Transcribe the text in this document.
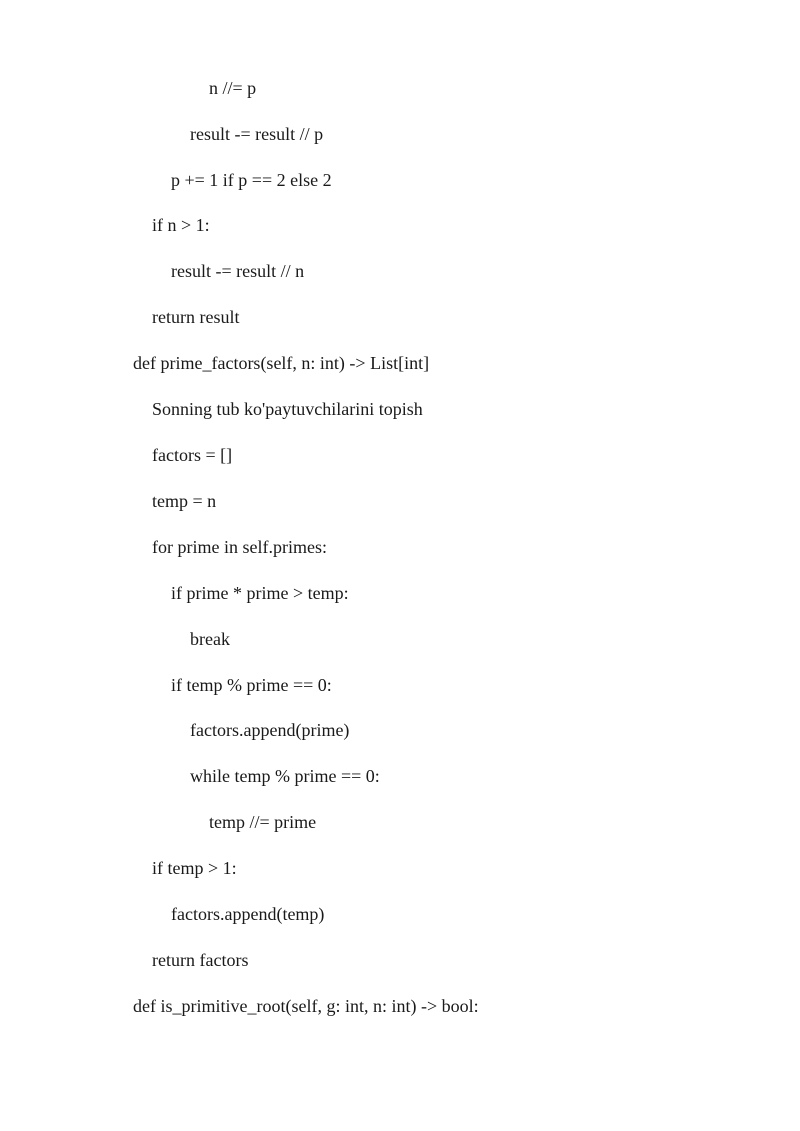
n //= p
result -= result // p
p += 1 if p == 2 else 2
if n > 1:
result -= result // n
return result
def prime_factors(self, n: int) -> List[int]
Sonning tub ko'paytuvchilarini topish
factors = []
temp = n
for prime in self.primes:
if prime * prime > temp:
break
if temp % prime == 0:
factors.append(prime)
while temp % prime == 0:
temp //= prime
if temp > 1:
factors.append(temp)
return factors
def is_primitive_root(self, g: int, n: int) -> bool:
